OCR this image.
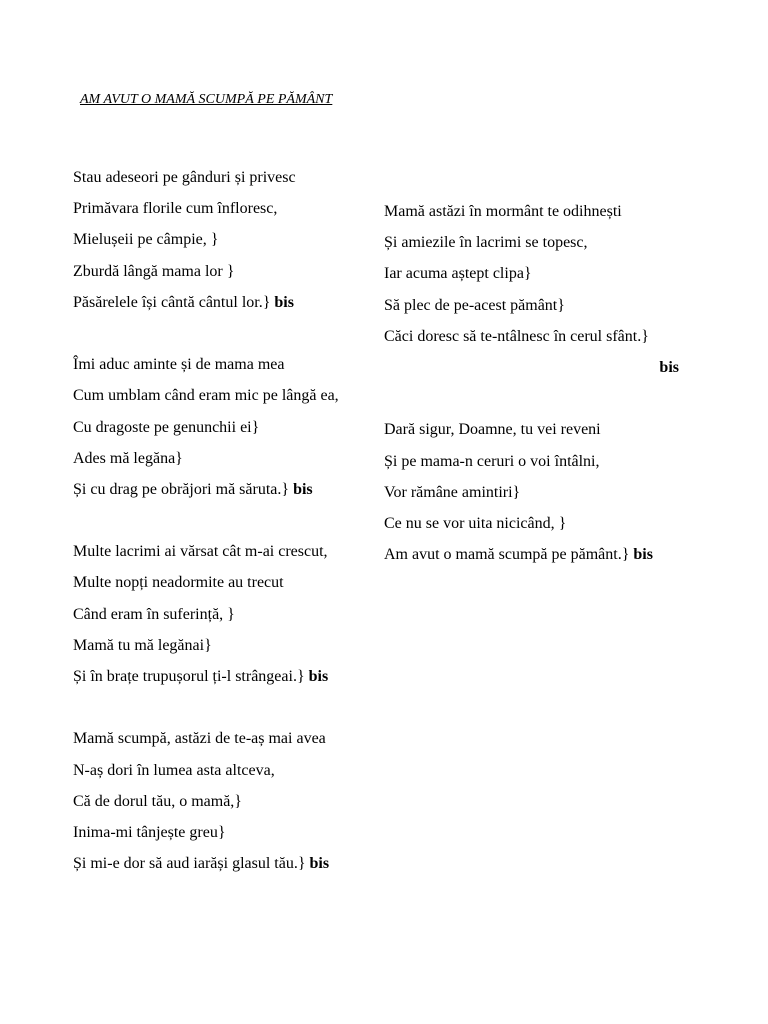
AM AVUT O MAMĂ SCUMPĂ PE PĂMÂNT
Stau adeseori pe gânduri și privesc
Primăvara florile cum înfloresc,
Mielușeii pe câmpie, }
Zburdă lângă mama lor }
Păsărelele își cântă cântul lor.} bis
Îmi aduc aminte și de mama mea
Cum umblam când eram mic pe lângă ea,
Cu dragoste pe genunchii ei}
Ades mă legăna}
Și cu drag pe obrăjori mă săruta.} bis
Multe lacrimi ai vărsat cât m-ai crescut,
Multe nopți neadormite au trecut
Când eram în suferință, }
Mamă tu mă legănai}
Și în brațe trupușorul ți-l strângeai.} bis
Mamă scumpă, astăzi de te-aș mai avea
N-aș dori în lumea asta altceva,
Că de dorul tău, o mamă,}
Inima-mi tânjește greu}
Și mi-e dor să aud iarăși glasul tău.} bis
Mamă astăzi în mormânt te odihnești
Și amiezile în lacrimi se topesc,
Iar acuma aștept clipa}
Să plec de pe-acest pământ}
Căci doresc să te-ntâlnesc în cerul sfânt.}
bis
Dară sigur, Doamne, tu vei reveni
Și pe mama-n ceruri o voi întâlni,
Vor rămâne amintiri}
Ce nu se vor uita nicicând, }
Am avut o mamă scumpă pe pământ.} bis
